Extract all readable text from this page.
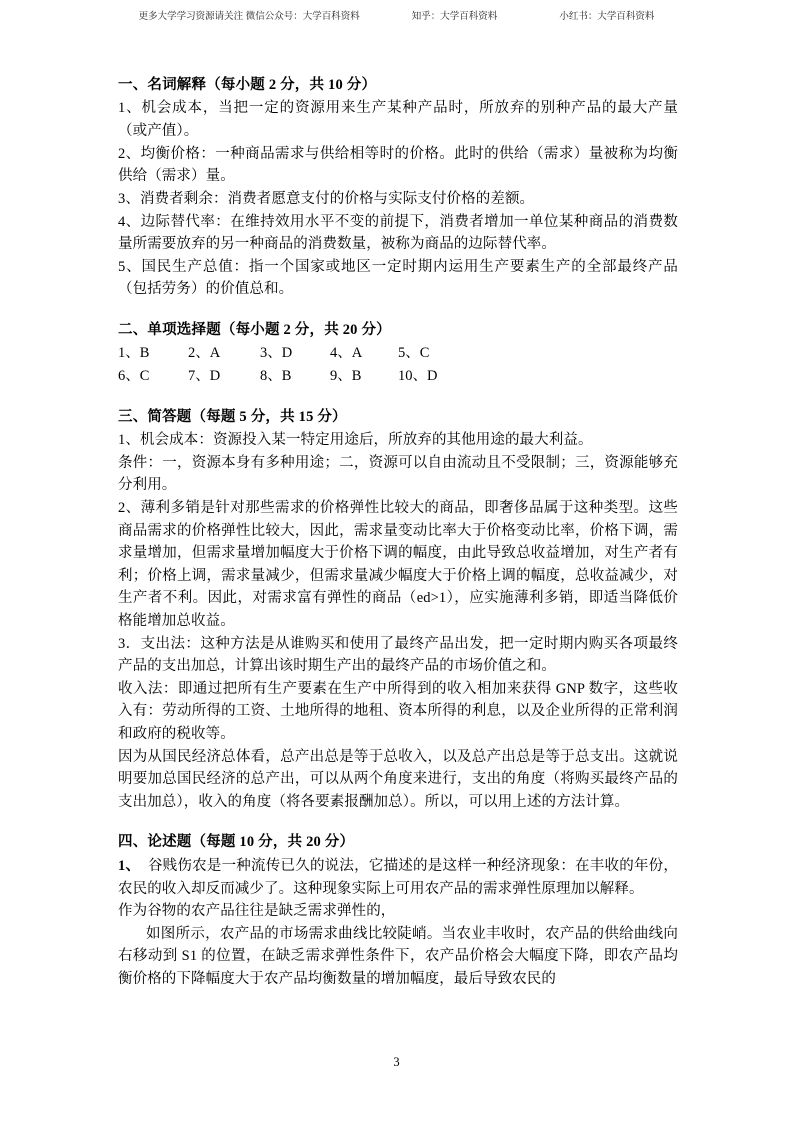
更多大学学习资源请关注 微信公众号：大学百科资料	知乎：大学百科资料	小红书：大学百科资料
一、名词解释（每小题 2 分，共 10 分）

1、机会成本，当把一定的资源用来生产某种产品时，所放弃的别种产品的最大产量（或产值）。

2、均衡价格：一种商品需求与供给相等时的价格。此时的供给（需求）量被称为均衡供给（需求）量。

3、消费者剩余：消费者愿意支付的价格与实际支付价格的差额。

4、边际替代率：在维持效用水平不变的前提下，消费者增加一单位某种商品的消费数量所需要放弃的另一种商品的消费数量，被称为商品的边际替代率。

5、国民生产总值：指一个国家或地区一定时期内运用生产要素生产的全部最终产品（包括劳务）的价值总和。

二、单项选择题（每小题 2 分，共 20 分）
1、B	2、A	3、D	4、A	5、C
6、C	7、D	8、B	9、B	10、D
三、简答题（每题 5 分，共 15 分）

1、机会成本：资源投入某一特定用途后，所放弃的其他用途的最大利益。

条件：一，资源本身有多种用途；二，资源可以自由流动且不受限制；三，资源能够充分利用。

2、薄利多销是针对那些需求的价格弹性比较大的商品，即奢侈品属于这种类型。这些商品需求的价格弹性比较大，因此，需求量变动比率大于价格变动比率，价格下调，需求量增加，但需求量增加幅度大于价格下调的幅度，由此导致总收益增加，对生产者有利；价格上调，需求量减少，但需求量减少幅度大于价格上调的幅度，总收益减少，对生产者不利。因此，对需求富有弹性的商品（ed>1），应实施薄利多销，即适当降低价格能增加总收益。

3．支出法：这种方法是从谁购买和使用了最终产品出发，把一定时期内购买各项最终产品的支出加总，计算出该时期生产出的最终产品的市场价值之和。

收入法：即通过把所有生产要素在生产中所得到的收入相加来获得 GNP 数字，这些收入有：劳动所得的工资、土地所得的地租、资本所得的利息，以及企业所得的正常利润和政府的税收等。

因为从国民经济总体看，总产出总是等于总收入，以及总产出总是等于总支出。这就说明要加总国民经济的总产出，可以从两个角度来进行，支出的角度（将购买最终产品的支出加总），收入的角度（将各要素报酬加总）。所以，可以用上述的方法计算。

四、论述题（每题 10 分，共 20 分）

1、 谷贱伤农是一种流传已久的说法，它描述的是这样一种经济现象：在丰收的年份，农民的收入却反而减少了。这种现象实际上可用农产品的需求弹性原理加以解释。

作为谷物的农产品往往是缺乏需求弹性的，

如图所示，农产品的市场需求曲线比较陡峭。当农业丰收时，农产品的供给曲线向右移动到 S1 的位置，在缺乏需求弹性条件下，农产品价格会大幅度下降，即农产品均衡价格的下降幅度大于农产品均衡数量的增加幅度，最后导致农民的

3
